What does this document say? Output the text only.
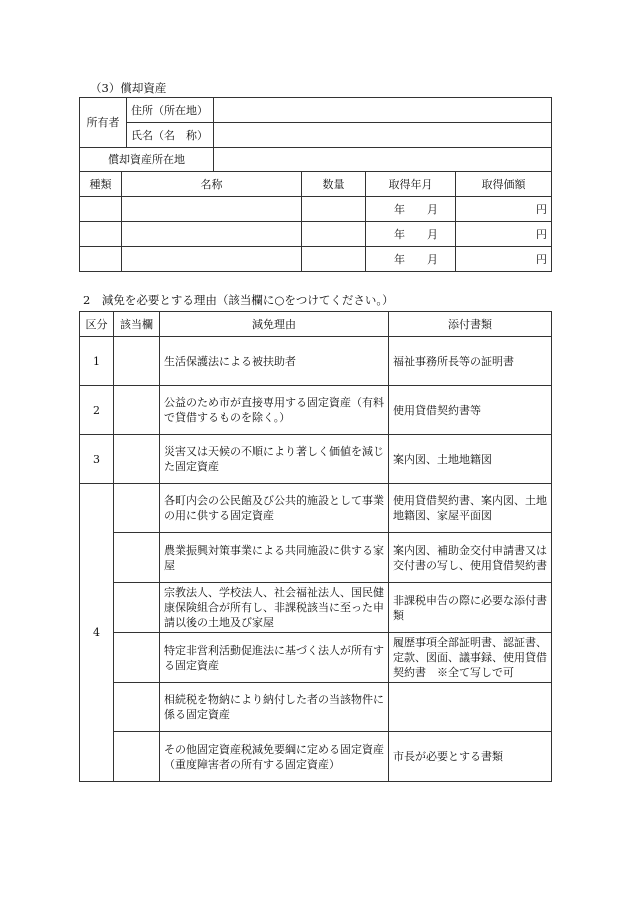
（3）償却資産
所有者	住所（所在地）	
	氏名（名　称）	
償却資産所在地		
種類	名称	数量	取得年月	取得価額
			年 月	円
			年 月	円
			年 月	円
2　減免を必要とする理由（該当欄に○をつけてください。）
区分	該当欄	減免理由	添付書類
1		生活保護法による被扶助者	福祉事務所長等の証明書
2		公益のため市が直接専用する固定資産（有料で貸借するものを除く。）	使用貸借契約書等
3		災害又は天候の不順により著しく価値を減じた固定資産	案内図、土地地籍図
4		各町内会の公民館及び公共的施設として事業の用に供する固定資産	使用貸借契約書、案内図、土地地籍図、家屋平面図
		農業振興対策事業による共同施設に供する家屋	案内図、補助金交付申請書又は交付書の写し、使用貸借契約書
		宗教法人、学校法人、社会福祉法人、国民健康保険組合が所有し、非課税該当に至った申請以後の土地及び家屋	非課税申告の際に必要な添付書類
		特定非営利活動促進法に基づく法人が所有する固定資産	履歴事項全部証明書、認証書、定款、図面、議事録、使用貸借契約書　※全て写しで可
		相続税を物納により納付した者の当該物件に係る固定資産	
		その他固定資産税減免要綱に定める固定資産（重度障害者の所有する固定資産）	市長が必要とする書類
